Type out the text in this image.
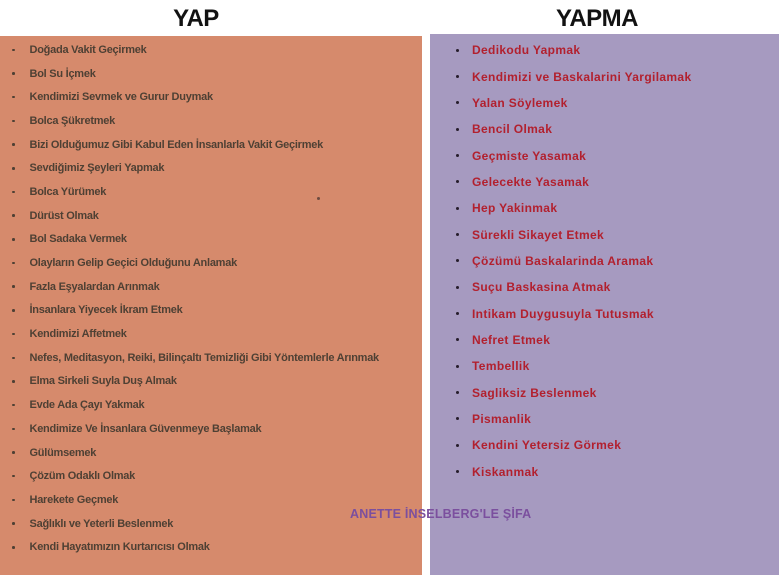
YAP	YAPMA
Doğada Vakit Geçirmek
Bol Su İçmek
Kendimizi Sevmek ve Gurur Duymak
Bolca Şükretmek
Bizi Olduğumuz Gibi Kabul Eden İnsanlarla Vakit Geçirmek
Sevdiğimiz Şeyleri Yapmak
Bolca Yürümek
Dürüst Olmak
Bol Sadaka Vermek
Olayların Gelip Geçici Olduğunu Anlamak
Fazla Eşyalardan Arınmak
İnsanlara Yiyecek İkram Etmek
Kendimizi Affetmek
Nefes, Meditasyon, Reiki, Bilinçaltı Temizliği Gibi Yöntemlerle Arınmak
Elma Sirkeli Suyla Duş Almak
Evde Ada Çayı Yakmak
Kendimize Ve İnsanlara Güvenmeye Başlamak
Gülümsemek
Çözüm Odaklı Olmak
Harekete Geçmek
Sağlıklı ve Yeterli Beslenmek
Kendi Hayatımızın Kurtarıcısı Olmak
Dedikodu Yapmak
Kendimizi ve Baskalarini Yargilamak
Yalan Söylemek
Bencil Olmak
Geçmiste Yasamak
Gelecekte Yasamak
Hep Yakinmak
Sürekli Sikayet Etmek
Çözümü Baskalarinda Aramak
Suçu Baskasina Atmak
Intikam Duygusuyla Tutusmak
Nefret Etmek
Tembellik
Sagliksiz Beslenmek
Pismanlik
Kendini Yetersiz Görmek
Kiskanmak
ANETTE İNSELBERG'LE ŞİFA
